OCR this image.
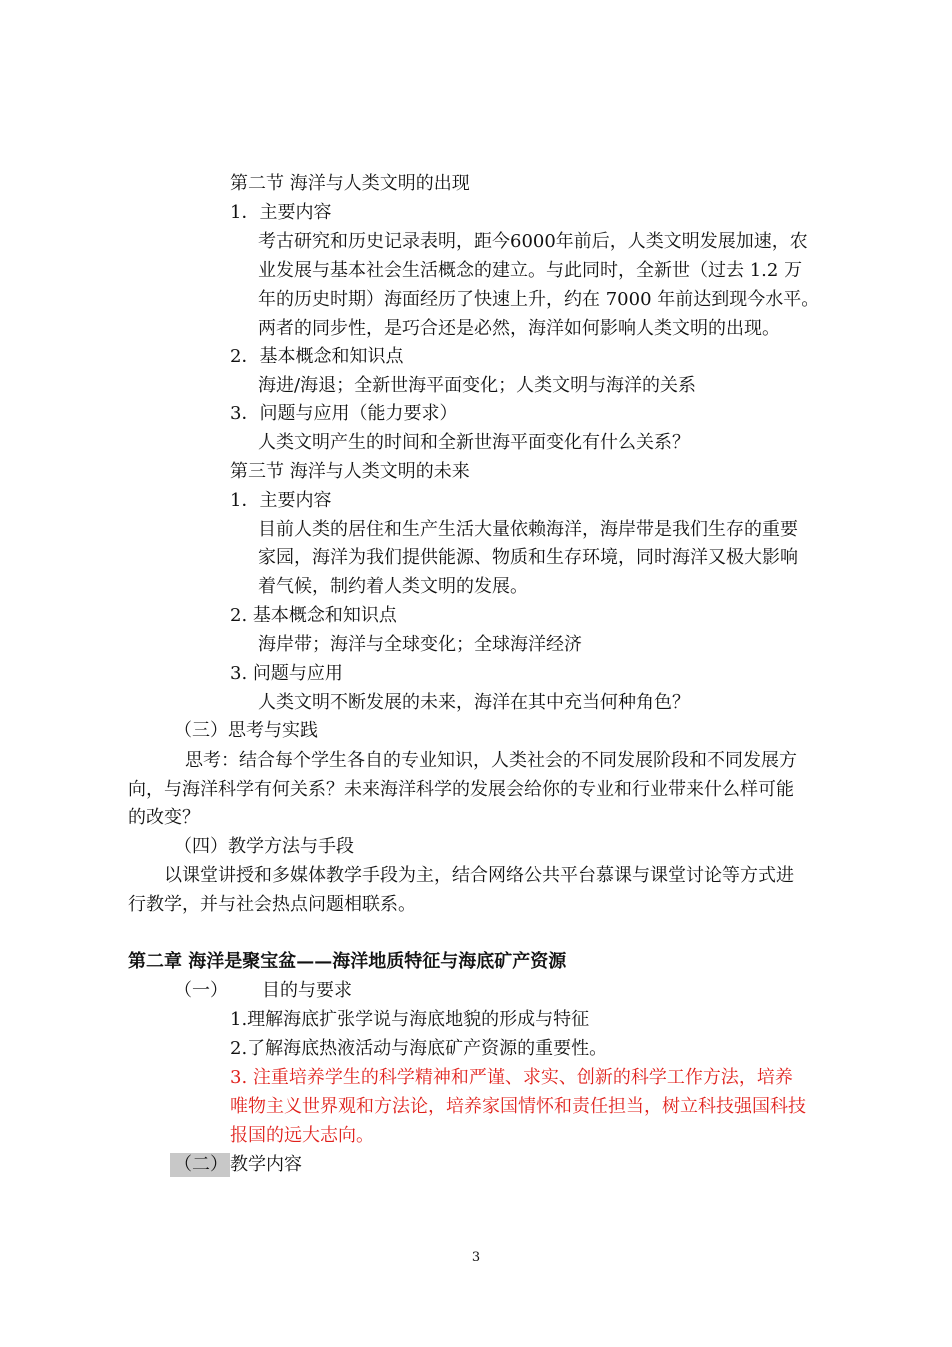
第二节 海洋与人类文明的出现
1．主要内容
考古研究和历史记录表明，距今6000年前后，人类文明发展加速，农
业发展与基本社会生活概念的建立。与此同时，全新世（过去 1.2 万
年的历史时期）海面经历了快速上升，约在 7000 年前达到现今水平。
两者的同步性，是巧合还是必然，海洋如何影响人类文明的出现。
2．基本概念和知识点
海进/海退；全新世海平面变化；人类文明与海洋的关系
3．问题与应用（能力要求）
人类文明产生的时间和全新世海平面变化有什么关系？
第三节 海洋与人类文明的未来
1．主要内容
目前人类的居住和生产生活大量依赖海洋，海岸带是我们生存的重要
家园，海洋为我们提供能源、物质和生存环境，同时海洋又极大影响
着气候，制约着人类文明的发展。
2. 基本概念和知识点
海岸带；海洋与全球变化；全球海洋经济
3. 问题与应用
人类文明不断发展的未来，海洋在其中充当何种角色？
（三）思考与实践
思考：结合每个学生各自的专业知识，人类社会的不同发展阶段和不同发展方
向，与海洋科学有何关系？未来海洋科学的发展会给你的专业和行业带来什么样可能
的改变？
（四）教学方法与手段
以课堂讲授和多媒体教学手段为主，结合网络公共平台慕课与课堂讨论等方式进
行教学，并与社会热点问题相联系。
第二章 海洋是聚宝盆——海洋地质特征与海底矿产资源
（一） 目的与要求
1.理解海底扩张学说与海底地貌的形成与特征
2.了解海底热液活动与海底矿产资源的重要性。
3. 注重培养学生的科学精神和严谨、求实、创新的科学工作方法，培养
唯物主义世界观和方法论，培养家国情怀和责任担当，树立科技强国科技
报国的远大志向。
（二） 教学内容
3
